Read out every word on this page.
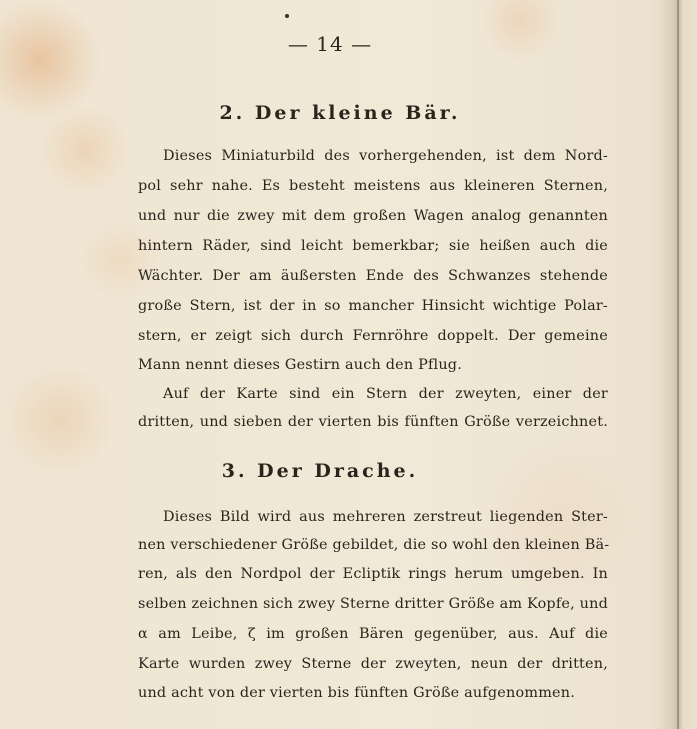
— 14 —
2. Der kleine Bär.
Dieses Miniaturbild des vorhergehenden, ist dem Nord-
pol sehr nahe. Es besteht meistens aus kleineren Sternen,
und nur die zwey mit dem großen Wagen analog genannten
hintern Räder, sind leicht bemerkbar; sie heißen auch die
Wächter. Der am äußersten Ende des Schwanzes stehende
große Stern, ist der in so mancher Hinsicht wichtige Polar-
stern, er zeigt sich durch Fernröhre doppelt. Der gemeine
Mann nennt dieses Gestirn auch den Pflug.
Auf der Karte sind ein Stern der zweyten, einer der
dritten, und sieben der vierten bis fünften Größe verzeichnet.
3. Der Drache.
Dieses Bild wird aus mehreren zerstreut liegenden Ster-
nen verschiedener Größe gebildet, die so wohl den kleinen Bä-
ren, als den Nordpol der Ecliptik rings herum umgeben. In
selben zeichnen sich zwey Sterne dritter Größe am Kopfe, und
α am Leibe, ζ im großen Bären gegenüber, aus. Auf die
Karte wurden zwey Sterne der zweyten, neun der dritten,
und acht von der vierten bis fünften Größe aufgenommen.
